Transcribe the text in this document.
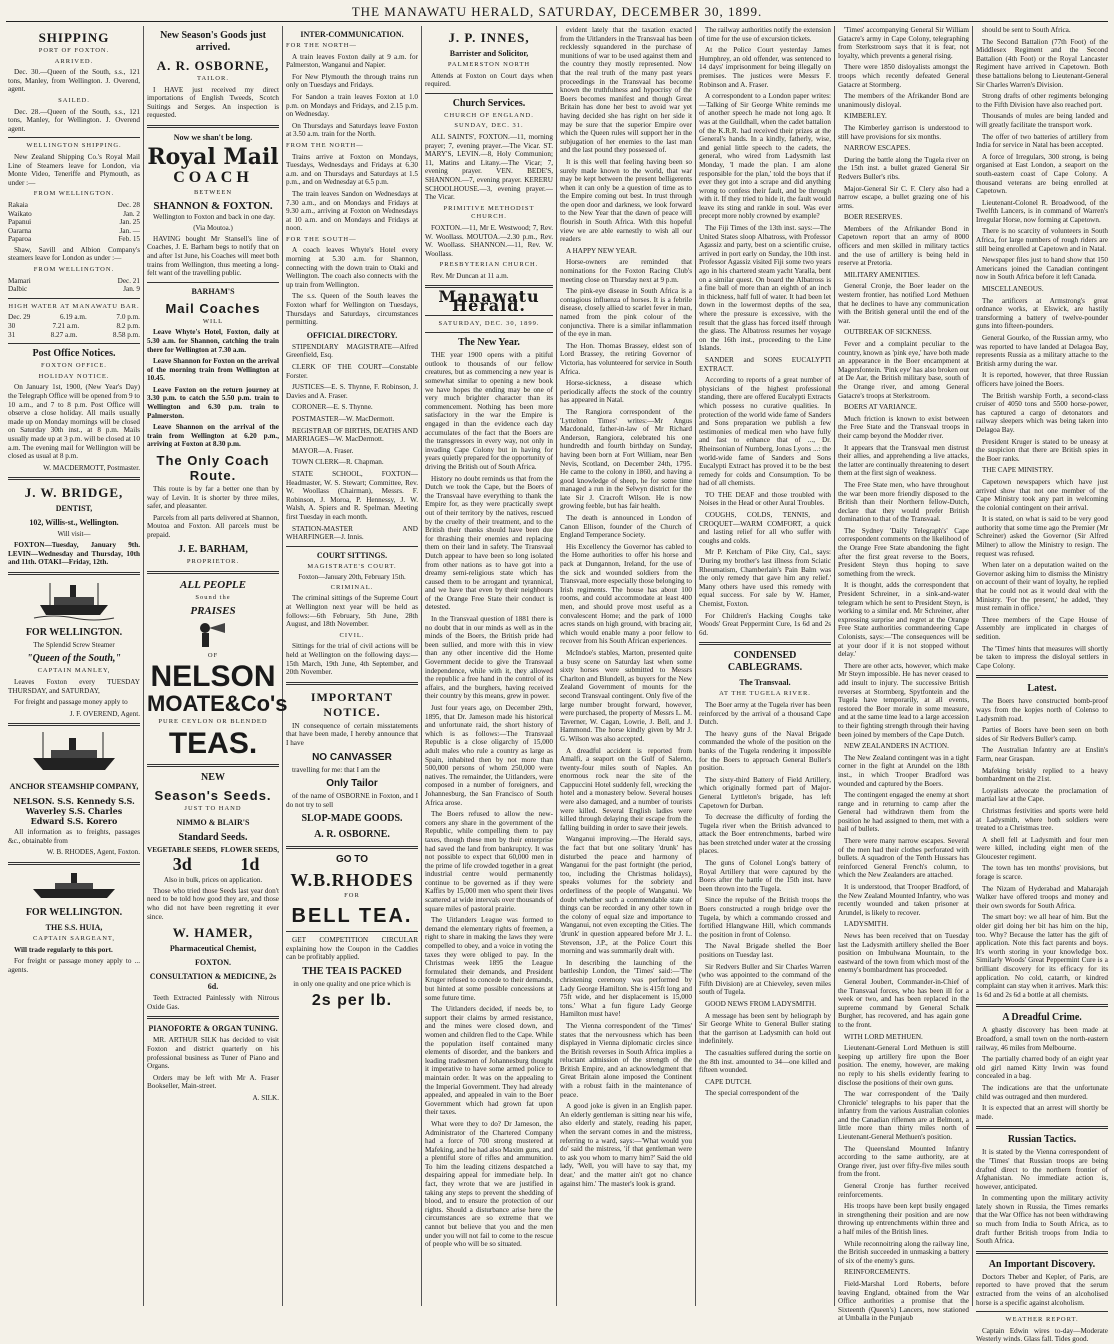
THE MANAWATU HERALD, SATURDAY, DECEMBER 30, 1899.
SHIPPING
PORT OF FOXTON.
ARRIVED.

Dec. 30.—Queen of the South, s.s., 121 tons, Manley, from Wellington. J. Overend, agent.

SAILED.

Dec. 28.—Queen of the South, s.s., 121 tons, Manley, for Wellington. J. Overend agent.

WELLINGTON SHIPPING.

New Zealand Shipping Co.'s Royal Mail Line of Steamers leave for London, via Monte Video, Teneriffe and Plymouth, as under :—

FROM WELLINGTON.
Rakaia	Dec. 28
Waikato	Jan. 2
Papanui	Jan. 25
Oararna	Jan. —
Paparoa	Feb. 15

Shaw, Savill and Albion Company's steamers leave for London as under :—

FROM WELLINGTON.
Mamari	Dec. 21
Dalbic	Jan. 9
HIGH WATER AT MANAWATU BAR.
Dec. 29	6.19 a.m.	7.0 p.m.
30	7.21 a.m.	8.2 p.m.
31	8.27 a.m.	8.58 p.m.
Post Office Notices.
FOXTON OFFICE.
HOLIDAY NOTICE.

On January 1st, 1900, (New Year's Day) the Telegraph Office will be opened from 9 to 10 a.m., and 7 to 8 p.m. Post Office will observe a close holiday. All mails usually made up on Monday mornings will be closed on Saturday 30th inst., at 8 p.m. Mails usually made up at 3 p.m. will be closed at 10 a.m. The evening mail for Wellington will be closed as usual at 8 p.m.

W. MACDERMOTT, Postmaster.
J. W. BRIDGE,
DENTIST,
102, Willis-st., Wellington.
Will visit—

FOXTON—Tuesday, January 9th. LEVIN—Wednesday and Thursday, 10th and 11th. OTAKI—Friday, 12th.

FOR WELLINGTON.
The Splendid Screw Steamer
"Queen of the South,"
CAPTAIN MANLEY,

Leaves Foxton every TUESDAY THURSDAY, and SATURDAY,

For freight and passage money apply to

J. F. OVEREND, Agent.
ANCHOR STEAMSHIP COMPANY,
NELSON. S.S. Kennedy S.S. Waverley S.S. Charles Edward S.S. Korero

All information as to freights, passages &c., obtainable from

W. B. RHODES, Agent, Foxton.
FOR WELLINGTON.
THE S.S. HUIA,
CAPTAIN SARGEANT,

Will trade regularly to this port.

For freight or passage money apply to ... agents.

New Season's Goods just arrived.
A. R. OSBORNE,
TAILOR.

I HAVE just received my direct importations of English Tweeds, Scotch Suitings and Serges. An inspection is requested.

Now we shan't be long.
Royal Mail
COACH
BETWEEN
SHANNON & FOXTON.

Wellington to Foxton and back in one day.

(Via Moutoa.)

HAVING bought Mr Stansell's line of Coaches, J. E. Barham begs to notify that on and after 1st June, his Coaches will meet both trains from Wellington, thus meeting a long-felt want of the travelling public.

BARHAM'S
Mail Coaches
WILL

Leave Whyte's Hotel, Foxton, daily at 5.30 a.m. for Shannon, catching the train there for Wellington at 7.30 a.m.

Leave Shannon for Foxton on the arrival of the morning train from Wellington at 10.45.

Leave Foxton on the return journey at 3.30 p.m. to catch the 5.50 p.m. train to Wellington and 6.30 p.m. train to Palmerston.

Leave Shannon on the arrival of the train from Wellington at 6.20 p.m., arriving at Foxton at 8.30 p.m.

The Only Coach Route.

This route is by far a better one than by way of Levin. It is shorter by three miles, safer, and pleasanter.

Parcels from all parts delivered at Shannon, Moutoa and Foxton. All parcels must be prepaid.

J. E. BARHAM,
PROPRIETOR.
ALL PEOPLE
Sound the
PRAISES
OF
NELSON
MOATE&Co's
PURE CEYLON OR BLENDED
TEAS.
NEW
Season's Seeds.
JUST TO HAND
NIMMO & BLAIR'S
Standard Seeds.
VEGETABLE SEEDS,
3d
FLOWER SEEDS,
1d
Also in bulk, prices on application.

Those who tried those Seeds last year don't need to be told how good they are, and those who did not have been regretting it ever since.

W. HAMER,
Pharmaceutical Chemist,
FOXTON.
CONSULTATION & MEDICINE, 2s 6d.

Teeth Extracted Painlessly with Nitrous Oxide Gas.

PIANOFORTE & ORGAN TUNING.

MR. ARTHUR SILK has decided to visit Foxton and district quarterly on his professional business as Tuner of Piano and Organs.

Orders may be left with Mr A. Fraser Bookseller, Main-street.

A. SILK.
INTER-COMMUNICATION.
FOR THE NORTH—

A train leaves Foxton daily at 9 a.m. for Palmerston, Wanganui and Napier.

For New Plymouth the through trains run only on Tuesdays and Fridays.

For Sandon a train leaves Foxton at 1.0 p.m. on Mondays and Fridays, and 2.15 p.m. on Wednesday.

On Thursdays and Saturdays leave Foxton at 3.50 a.m. train for the North.

FROM THE NORTH—

Trains arrive at Foxton on Mondays, Tuesdays, Wednesdays and Fridays at 6.30 a.m. and on Thursdays and Saturdays at 1.5 p.m., and on Wednesday at 6.5 p.m.

The train leaves Sandon on Wednesdays at 7.30 a.m., and on Mondays and Fridays at 9.30 a.m., arriving at Foxton on Wednesdays at 10 a.m. and on Mondays and Fridays at noon.

FOR THE SOUTH—

A coach leaves Whyte's Hotel every morning at 5.30 a.m. for Shannon, connecting with the down train to Otaki and Wellington. The coach also connects with the up train from Wellington.

The s.s. Queen of the South leaves the Foxton wharf for Wellington on Tuesdays, Thursdays and Saturdays, circumstances permitting.

OFFICIAL DIRECTORY.

STIPENDIARY MAGISTRATE—Alfred Greenfield, Esq.

CLERK OF THE COURT—Constable Forster.

JUSTICES—E. S. Thynne, F. Robinson, J. Davies and A. Fraser.

CORONER—E. S. Thynne.

POSTMASTER—W. MacDermott.

REGISTRAR OF BIRTHS, DEATHS AND MARRIAGES—W. MacDermott.

MAYOR—A. Fraser.

TOWN CLERK—R. Chapman.

STATE SCHOOL, FOXTON—Headmaster, W. S. Stewart; Committee, Rev. W. Woollass (Chairman), Messrs. F. Robinson, J. Moroa, P. Hennessy, J. W. Walsh, A. Spiers and R. Spelman. Meeting first Tuesday in each month.

STATION-MASTER AND WHARFINGER—J. Innis.

COURT SITTINGS.
MAGISTRATE'S COURT.
Foxton—January 20th, February 15th.
CRIMINAL.

The criminal sittings of the Supreme Court at Wellington next year will be held as follows:—6th February, 5th June, 28th August, and 18th November.

CIVIL.

Sittings for the trial of civil actions will be held at Wellington on the following days:—15th March, 19th June, 4th September, and 20th November.

IMPORTANT NOTICE.

IN consequence of certain misstatements that have been made, I hereby announce that I have

NO CANVASSER

travelling for me: that I am the

Only Tailor

of the name of OSBORNE in Foxton, and I do not try to sell

SLOP-MADE GOODS.
A. R. OSBORNE.
GO TO
W.B.RHODES
FOR
BELL TEA.

GET COMPETITION CIRCULAR explaining how the Coupon in the Caddies can be profitably applied.

THE TEA IS PACKED
in only one quality and one price which is
2s per lb.
J. P. INNES,
Barrister and Solicitor,
PALMERSTON NORTH

Attends at Foxton on Court days when required.

Church Services.
CHURCH OF ENGLAND.
SUNDAY, DEC. 31.

ALL SAINTS', FOXTON.—11, morning prayer; 7, evening prayer.—The Vicar. ST. MARY'S, LEVIN.—8, Holy Communion; 11, Matins and Litany.—The Vicar; 7, evening prayer. VEN. BEDE'S, SHANNON.—7, evening prayer. KERERU SCHOOLHOUSE.—3, evening prayer.—The Vicar.

PRIMITIVE METHODIST CHURCH.

FOXTON.—11, Mr E. Westwood; 7, Rev. W. Woollass. MOUTOA.—2.30 p.m., Rev. W. Woollass. SHANNON.—11, Rev. W. Woollass.

PRESBYTERIAN CHURCH.

Rev. Mr Duncan at 11 a.m.

Manawatu Herald.
SATURDAY, DEC. 30, 1899.
The New Year.

THE year 1900 opens with a pitiful outlook to thousands of our fellow creatures, but as commencing a new year is somewhat similar to opening a new book we have hopes the ending may be one of very much brighter character than its commencement. Nothing has been more satisfactory in the war the Empire is engaged in than the evidence each day accumulates of the fact that the Boers are the transgressors in every way, not only in invading Cape Colony but in having for years quietly prepared for the opportunity of driving the British out of South Africa.

History no doubt reminds us that from the Dutch we took the Cape, but the Boers of the Transvaal have everything to thank the Empire for, as they were practically swept out of their territory by the natives, rescued by the cruelty of their treatment, and to the British their thanks should have been due for thrashing their enemies and replacing them on their land in safety. The Transvaal Dutch appear to have been so long isolated from other nations as to have got into a dreamy semi-religious state which has caused them to be arrogant and tyrannical, and we have that even by their neighbours of the Orange Free State their conduct is detested.

In the Transvaal question of 1881 there is no doubt that in our minds as well as in the minds of the Boers, the British pride had been sullied, and more with this in view than any other incentive did the Home Government decide to give the Transvaal independence, while with it, they allowed the republic a free hand in the control of its affairs, and the burghers, having received their country by this means, grew in power.

Just four years ago, on December 29th, 1895, that Dr. Jameson made his historical and unfortunate raid, the short history of which is as follows:—The Transvaal Republic is a close oligarchy of 15,000 adult males who rule a country as large as Spain, inhabited then by not more than 500,000 persons of whom 250,000 were natives. The remainder, the Uitlanders, were composed in a number of foreigners, and Johannesburg, the San Francisco of South Africa arose.

The Boers refused to allow the new-comers any share in the government of the Republic, while compelling them to pay taxes, though these men by their enterprise had saved the land from bankruptcy. It was not possible to expect that 60,000 men in the prime of life crowded together in a great industrial centre would permanently continue to be governed as if they were Kaffirs by 15,000 men who spent their lives scattered at wide intervals over thousands of square miles of pastoral prairie.

The Uitlanders League was formed to demand the elementary rights of freemen, a right to share in making the laws they were compelled to obey, and a voice in voting the taxes they were obliged to pay. In the Christmas week 1895 the League formulated their demands, and President Kruger refused to concede to their demands, but hinted at some possible concessions at some future time.

The Uitlanders decided, if needs be, to support their claims by armed resistance, and the mines were closed down, and women and children fled to the Cape. While the population itself contained many elements of disorder, and the bankers and leading tradesmen of Johannesburg thought it imperative to have some armed police to maintain order. It was on the appealing to the Imperial Government. They had already appealed, and appealed in vain to the Boer Government which had grown fat upon their taxes.

What were they to do? Dr Jameson, the Administrator of the Chartered Company had a force of 700 strong mustered at Mafeking, and he had also Maxim guns, and a plentiful store of rifles and ammunition. To him the leading citizens despatched a despairing appeal for immediate help. In fact, they wrote that we are justified in taking any steps to prevent the shedding of blood, and to ensure the protection of our rights. Should a disturbance arise here the circumstances are so extreme that we cannot but believe that you and the men under you will not fail to come to the rescue of people who will be so situated.

evident lately that the taxation exacted from the Uitlanders in the Transvaal has been recklessly squandered in the purchase of munitions of war to be used against them and the country they mostly represented. Now that the real truth of the many past years proceedings in the Transvaal has become known the truthfulness and hypocrisy of the Boers becomes manifest and though Great Britain has done her best to avoid war yet having decided she has right on her side it may be sure that the superior Empire over which the Queen rules will support her in the subjugation of her enemies to the last man and the last pound they possessed of.

It is this well that feeling having been so surely made known to the world, that war may be kept between the present belligerents when it can only be a question of time as to the Empire coming out best. In trust through the open door and darkness, we look forward to the New Year that the dawn of peace will flourish in South Africa. With this hopeful view we are able earnestly to wish all our readers

A HAPPY NEW YEAR.

Horse-owners are reminded that nominations for the Foxton Racing Club's meeting close on Thursday next at 9 p.m.

The pink-eye disease in South Africa is a contagious influenza of horses. It is a febrile disease, closely allied to scarlet fever in man, named from the pink colour of the conjunctiva. There is a similar inflammation of the eye in man.

The Hon. Thomas Brassey, eldest son of Lord Brassey, the retiring Governor of Victoria, has volunteered for service in South Africa.

Horse-sickness, a disease which periodically affects the stock of the country has appeared in Natal.

The Rangiora correspondent of the 'Lyttelton Times' writes:—Mr Angus Macdonald, father-in-law of Mr Richard Anderson, Rangiora, celebrated his one hundredth and fourth birthday on Sunday, having been born at Fort William, near Ben Nevis, Scotland, on December 24th, 1795. He came to the colony in 1860, and having a good knowledge of sheep, he for some time managed a run in the Selwyn district for the late Sir J. Cracroft Wilson. He is now growing feeble, but has fair health.

The death is announced in London of Canon Ellison, founder of the Church of England Temperance Society.

His Excellency the Governor has cabled to the Home authorities to offer his horse and pack at Dungannon, Ireland, for the use of the sick and wounded soldiers from the Transvaal, more especially those belonging to Irish regiments. The house has about 100 rooms, and could accommodate at least 400 men, and should prove most useful as a convalescent Home; and the park of 1000 acres stands on high ground, with bracing air, which would enable many a poor fellow to recover from his South African experiences.

McIndoe's stables, Marton, presented quite a busy scene on Saturday last when some sixty horses were submitted to Messrs Charlton and Blundell, as buyers for the New Zealand Government of mounts for the second Transvaal contingent. Only five of the large number brought forward, however, were purchased, the property of Messrs L. M. Taverner, W. Cagan, Lowrie, J. Bell, and J. Hammond. The horse kindly given by Mr J. G. Wilson was also accepted.

A dreadful accident is reported from Amalfi, a seaport on the Gulf of Salerno, twenty-four miles south of Naples. An enormous rock near the site of the Cappuccini Hotel suddenly fell, wrecking the hotel and a monastery below. Several houses were also damaged, and a number of tourists were killed. Several English ladies were killed through delaying their escape from the falling building in order to save their jewels.

Wanganui improving.—The Herald says, the fact that but one solitary 'drunk' has disturbed the peace and harmony of Wanganui for the past fortnight (the period, too, including the Christmas holidays), speaks volumes for the sobriety and orderliness of the people of Wanganui. We doubt whether such a commendable state of things can be recorded in any other town in the colony of equal size and importance to Wanganui, not even excepting the Cities. The 'drunk' in question appeared before Mr J. L. Stevenson, J.P., at the Police Court this morning and was summarily dealt with.

In describing the launching of the battleship London, the 'Times' said:—'The christening ceremony was performed by Lady George Hamilton. She is 415ft long and 75ft wide, and her displacement is 15,000 tons.' What a fun figure Lady George Hamilton must have!

The Vienna correspondent of the 'Times' states that the nervousness which has been displayed in Vienna diplomatic circles since the British reverses in South Africa implies a reluctant admission of the strength of the British Empire, and an acknowledgment that Great Britain alone imposed the Continent with a robust faith in the maintenance of peace.

A good joke is given in an English paper. An elderly gentleman is sitting near his wife, also elderly and stately, reading his paper, when the servant comes in and the mistress, referring to a ward, says:—'What would you do' said the mistress, 'if that gentleman were to ask you whom to marry him?' Said the old lady, 'Well, you will have to say that, my dear,' and the matter ain't got no chance against him.' The master's look is grand.

The railway authorities notify the extension of time for the use of excursion tickets.

At the Police Court yesterday James Humphrey, an old offender, was sentenced to 14 days' imprisonment for being illegally on premises. The justices were Messrs F. Robinson and A. Fraser.

A correspondent to a London paper writes:—Talking of Sir George White reminds me of another speech he made not long ago. It was at the Guildhall, when the cadet battalion of the K.R.R. had received their prizes at the General's hands. In a kindly, fatherly, wise, and genial little speech to the cadets, the general, who wired from Ladysmith last Monday, 'I made the plan. I am alone responsible for the plan,' told the boys that if ever they got into a scrape and did anything wrong to confess their fault, and be through with it. If they tried to hide it, the fault would leave its sting and rankle in soul. Was ever precept more nobly crowned by example?

The Fiji Times of the 13th inst. says:—The United States sloop Albatross, with Professor Agassiz and party, best on a scientific cruise, arrived in port early on Sunday, the 10th inst. Professor Agassiz visited Fiji some two years ago in his chartered steam yacht Yaralla, bent on a similar quest. On board the Albatross is a fine ball of more than an eighth of an inch in thickness, half full of water. It had been let down in the lowermost depths of the sea, where the pressure is excessive, with the result that the glass has forced itself through the glass. The Albatross resumes her voyage on the 16th inst., proceeding to the Line Islands.

SANDER and SONS EUCALYPTI EXTRACT.

According to reports of a great number of physicians of the highest professional standing, there are offered Eucalypti Extracts which possess no curative qualities. In protection of the world wide fame of Sanders and Sons preparation we publish a few testimonies of medical men who have fully and fast to enhance that of ..., Dr. Rheinsonian of Nurnberg, Jonas Lyons ...: the world-wide fame of Sanders and Sons Eucalypti Extract has proved it to be the best remedy for colds and Consumption. To be had of all chemists.

TO THE DEAF and those troubled with Noises in the Head or other Aural Troubles.

COUGHS, COLDS, TENNIS, and CROQUET—WARM COMFORT, a quick and lasting relief for all who suffer with coughs and colds.

Mr P. Ketcham of Pike City, Cal., says: 'During my brother's last illness from Sciatic Rheumatism, Chamberlain's Pain Balm was the only remedy that gave him any relief.' Many others have used this remedy with equal success. For sale by W. Hamer, Chemist, Foxton.

For Children's Hacking Coughs take Woods' Great Peppermint Cure, 1s 6d and 2s 6d.

CONDENSED CABLEGRAMS.
The Transvaal.
AT THE TUGELA RIVER.

The Boer army at the Tugela river has been reinforced by the arrival of a thousand Cape Dutch.

The heavy guns of the Naval Brigade commanded the whole of the position on the banks of the Tugela rendering it impossible for the Boers to approach General Buller's position.

The sixty-third Battery of Field Artillery, which originally formed part of Major-General Lyttleton's brigade, has left Capetown for Durban.

To decrease the difficulty of fording the Tugela river when the British advanced to attack the Boer entrenchments, barbed wire has been stretched under water at the crossing places.

The guns of Colonel Long's battery of Royal Artillery that were captured by the Boers after the battle of the 15th inst. have been thrown into the Tugela.

Since the repulse of the British troops the Boers constructed a rough bridge over the Tugela, by which a commando crossed and fortified Hlangwane Hill, which commands the position in front of Colenso.

The Naval Brigade shelled the Boer positions on Tuesday last.

Sir Redvers Buller and Sir Charles Warren (who was appointed to the command of the Fifth Division) are at Chieveley, seven miles south of Tugela.

GOOD NEWS FROM LADYSMITH.

A message has been sent by heliograph by Sir George White to General Buller stating that the garrison at Ladysmith can hold out indefinitely.

The casualties suffered during the sortie on the 8th inst. amounted to 34—one killed and fifteen wounded.

CAPE DUTCH.

The special correspondent of the

'Times' accompanying General Sir William Gatacre's army in Cape Colony, telegraphing from Sterkstroom says that it is fear, not loyalty, which prevents a general rising.

There were 1850 disloyalists amongst the troops which recently defeated General Gatacre at Stormberg.

The members of the Afrikander Bond are unanimously disloyal.

KIMBERLEY.

The Kimberley garrison is understood to still have provisions for six months.

NARROW ESCAPES.

During the battle along the Tugela river on the 15th inst. a bullet grazed General Sir Redvers Buller's ribs.

Major-General Sir C. F. Clery also had a narrow escape, a bullet grazing one of his arms.

BOER RESERVES.

Members of the Afrikander Bond in Capetown report that an army of 8000 officers and men skilled in military tactics and the use of artillery is being held in reserve at Pretoria.

MILITARY AMENITIES.

General Cronje, the Boer leader on the western frontier, has notified Lord Methuen that he declines to have any communication with the British general until the end of the war.

OUTBREAK OF SICKNESS.

Fever and a complaint peculiar to the country, known as 'pink eye,' have both made an appearance in the Boer encampment at Magersfontein. 'Pink eye' has also broken out at De Aar, the British military base, south of the Orange river, and among General Gatacre's troops at Sterkstroom.

BOERS AT VARIANCE.

Much friction is known to exist between the Free State and the Transvaal troops in their camp beyond the Modder river.

It appears that the Transvaal men distrust their allies, and apprehending a live attacks, the latter are continually threatening to desert them at the first sign of weakness.

The Free State men, who have throughout the war been more friendly disposed to the British than their Northern fellow-Dutch, declare that they would prefer British domination to that of the Transvaal.

The Sydney 'Daily Telegraph's' Cape correspondent comments on the likelihood of the Orange Free State abandoning the fight after the first great reverse to the Boers, President Steyn thus hoping to save something from the wreck.

It is thought, adds the correspondent that President Schreiner, in a sink-and-water telegram which he sent to President Steyn, is working to a similar end. Mr Schreiner, after expressing surprise and regret at the Orange Free State authorities commandeering Cape Colonists, says:—'The consequences will be at your door if it is not stopped without delay.'

There are other acts, however, which make Mr Steyn impossible. He has never ceased to add insult to injury. The successive British reverses at Stormberg, Spytfontein and the Tugela have temporarily, at all events, restored the Boer morale in some measure, and at the same time lead to a large accession to their fighting strength through their having been joined by members of the Cape Dutch.

NEW ZEALANDERS IN ACTION.

The New Zealand contingent was in a tight corner in the fight at Arundel on the 18th inst., in which Trooper Bradford was wounded and captured by the Boers.

The contingent engaged the enemy at short range and in returning to camp after the General had withdrawn them from the position he had assigned to them, met with a hail of bullets.

There were many narrow escapes. Several of the men had their clothes perforated with bullets. A squadron of the Tenth Hussars has reinforced General French's column, to which the New Zealanders are attached.

It is understood, that Trooper Bradford, of the New Zealand Mounted Infantry, who was recently wounded and taken prisoner at Arundel, is likely to recover.

LADYSMITH.

News has been received that on Tuesday last the Ladysmith artillery shelled the Boer position on Imbulwana Mountain, to the eastward of the town from which most of the enemy's bombardment has proceeded.

General Joubert, Commander-in-Chief of the Transvaal forces, who has been ill for a week or two, and has been replaced in the supreme command by General Schalk Burgher, has recovered, and has again gone to the front.

WITH LORD METHUEN.

Lieutenant-General Lord Methuen is still keeping up artillery fire upon the Boer position. The enemy, however, are making no reply to his shells evidently fearing to disclose the positions of their own guns.

The war correspondent of the 'Daily Chronicle' telegraphs to his paper that the infantry from the various Australian colonies and the Canadian riflemen are at Belmont, a little more than thirty miles north of Lieutenant-General Methuen's position.

The Queensland Mounted Infantry according to the same authority, are at Orange river, just over fifty-five miles south from the front.

General Cronje has further received reinforcements.

His troops have been kept busily engaged in strengthening their position and are now throwing up entrenchments within three and a half miles of the British lines.

While reconnoitring along the railway line, the British succeeded in unmasking a battery of six of the enemy's guns.

REINFORCEMENTS.

Field-Marshal Lord Roberts, before leaving England, obtained from the War Office authorities a promise that the Sixteenth (Queen's) Lancers, now stationed at Umballa in the Punjaub

should be sent to South Africa.

The Second Battalion (77th Foot) of the Middlesex Regiment and the Second Battalion (4th Foot) or the Royal Lancaster Regiment have arrived in Capetown. Both these battalions belong to Lieutenant-General Sir Charles Warren's Division.

Strong drafts of other regiments belonging to the Fifth Division have also reached port.

Thousands of mules are being landed and will greatly facilitate the transport work.

The offer of two batteries of artillery from India for service in Natal has been accepted.

A force of Irregulars, 300 strong, is being organised at East London, a seaport on the south-eastern coast of Cape Colony. A thousand veterans are being enrolled at Capetown.

Lieutenant-Colonel R. Broadwood, of the Twelfth Lancers, is in command of Warren's Irregular Horse, now forming at Capetown.

There is no scarcity of volunteers in South Africa, for large numbers of rough riders are still being enrolled at Capetown and in Natal.

Newspaper files just to hand show that 150 Americans joined the Canadian contingent now in South Africa before it left Canada.

MISCELLANEOUS.

The artificers at Armstrong's great ordnance works, at Elswick, are hastily transforming a battery of twelve-pounder guns into fifteen-pounders.

General Gourko, of the Russian army, who was reported to have landed at Delagoa Bay, represents Russia as a military attache to the British army during the war.

It is reported, however, that three Russian officers have joined the Boers.

The British warship Forth, a second-class cruiser of 4050 tons and 5500 horse-power, has captured a cargo of detonators and railway sleepers which was being taken into Delagoa Bay.

President Kruger is stated to be uneasy at the suspicion that there are British spies in the Boer ranks.

THE CAPE MINISTRY.

Capetown newspapers which have just arrived show that not one member of the Cape Ministry took any part in welcoming the colonial contingent on their arrival.

It is stated, on what is said to be very good authority that some time ago the Premier (Mr Schreiner) asked the Governor (Sir Alfred Milner) to allow the Ministry to resign. The request was refused.

When later on a deputation waited on the Governor asking him to dismiss the Ministry on account of their want of loyalty, he replied that he could not as it would deal with the Ministry. 'For the present,' he added, 'they must remain in office.'

Three members of the Cape House of Assembly are implicated in charges of sedition.

The 'Times' hints that measures will shortly be taken to impress the disloyal settlers in Cape Colony.

Latest.

The Boers have constructed bomb-proof ways from the kopjes north of Colenso to Ladysmith road.

Parties of Boers have been seen on both sides of Sir Redvers Buller's camp.

The Australian Infantry are at Enslin's Farm, near Graspan.

Mafeking briskly replied to a heavy bombardment on the 21st.

Loyalists advocate the proclamation of martial law at the Cape.

Christmas festivities and sports were held at Ladysmith, where both soldiers were treated to a Christmas tree.

A shell fell at Ladysmith and four men were killed, including eight men of the Gloucester regiment.

The town has ten months' provisions, but forage is scarce.

The Nizam of Hyderabad and Maharajah Walker have offered troops and money and their own swords for South Africa.

The smart boy: we all hear of him. But the older girl doing her bit has him on the hip, too. Why? Because the latter has the gift of application. Note this fact parents and boys. It's worth storing in your knowledge box. Similarly Woods' Great Peppermint Cure is a brilliant discovery for its efficacy for its application. No cold, catarrh, or kindred complaint can stay when it arrives. Mark this: 1s 6d and 2s 6d a bottle at all chemists.

A Dreadful Crime.

A ghastly discovery has been made at Broadford, a small town on the north-eastern railway, 46 miles from Melbourne.

The partially charred body of an eight year old girl named Kitty Irwin was found concealed in a bag.

The indications are that the unfortunate child was outraged and then murdered.

It is expected that an arrest will shortly be made.

Russian Tactics.

It is stated by the Vienna correspondent of the 'Times' that Russian troops are being drafted direct to the northern frontier of Afghanistan. No immediate action is, however, anticipated.

In commenting upon the military activity lately shown in Russia, the Times remarks that the War Office has not been withdrawing so much from India to South Africa, as to draft further British troops from India to South Africa.

An Important Discovery.

Doctors Theber and Kepler, of Paris, are reported to have proved that the serum extracted from the veins of an alcoholised horse is a specific against alcoholism.

WEATHER REPORT.

Captain Edwin wires to-day—Moderate Westerly winds. Glass fall. Tides good.
